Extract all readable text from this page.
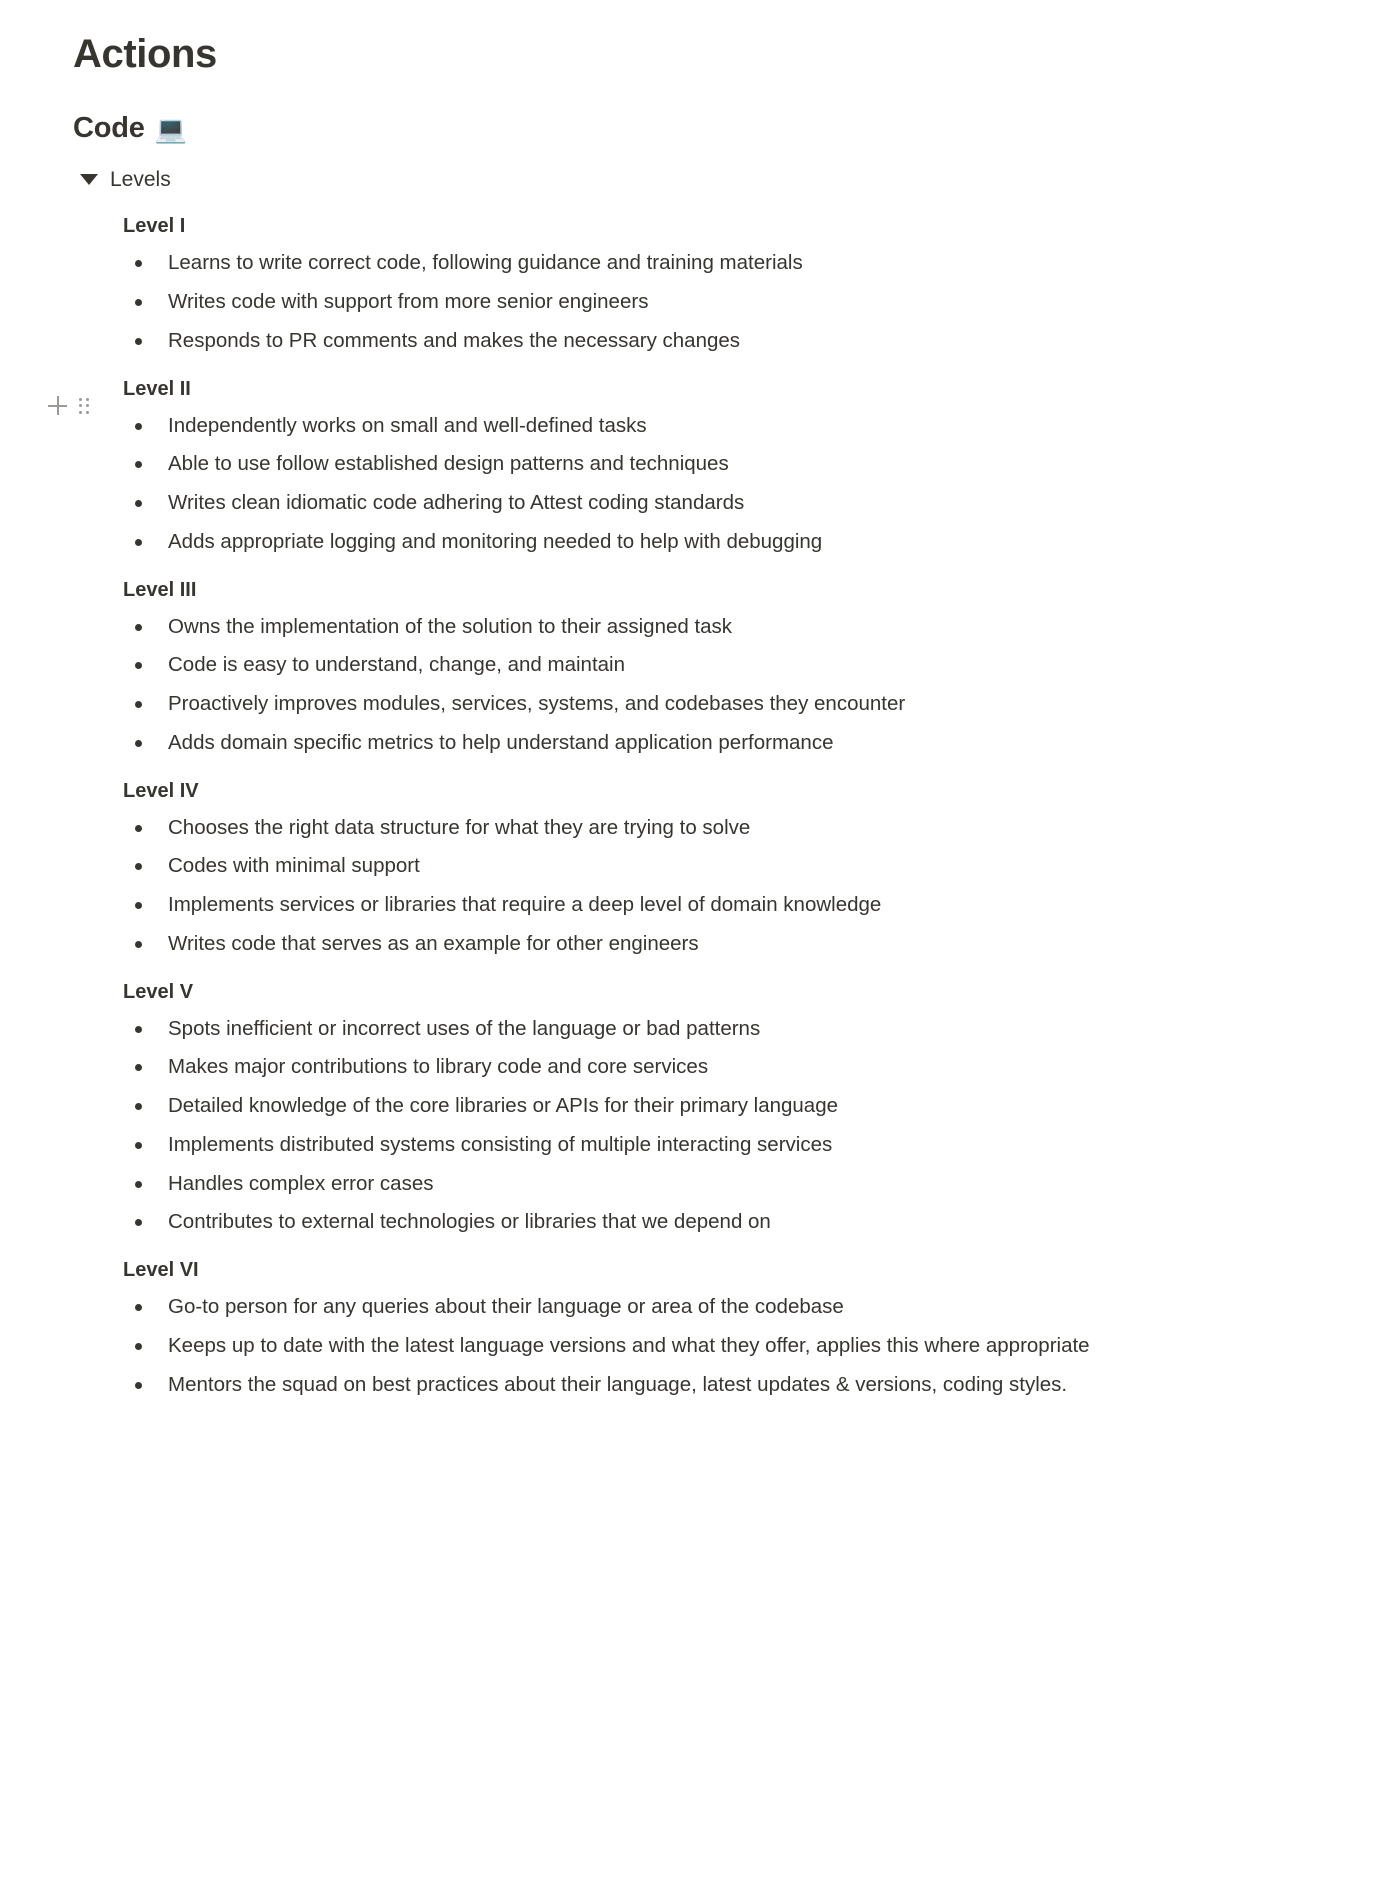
Actions
Code 💻
Levels
Level I
Learns to write correct code, following guidance and training materials
Writes code with support from more senior engineers
Responds to PR comments and makes the necessary changes
Level II
Independently works on small and well-defined tasks
Able to use follow established design patterns and techniques
Writes clean idiomatic code adhering to Attest coding standards
Adds appropriate logging and monitoring needed to help with debugging
Level III
Owns the implementation of the solution to their assigned task
Code is easy to understand, change, and maintain
Proactively improves modules, services, systems, and codebases they encounter
Adds domain specific metrics to help understand application performance
Level IV
Chooses the right data structure for what they are trying to solve
Codes with minimal support
Implements services or libraries that require a deep level of domain knowledge
Writes code that serves as an example for other engineers
Level V
Spots inefficient or incorrect uses of the language or bad patterns
Makes major contributions to library code and core services
Detailed knowledge of the core libraries or APIs for their primary language
Implements distributed systems consisting of multiple interacting services
Handles complex error cases
Contributes to external technologies or libraries that we depend on
Level VI
Go-to person for any queries about their language or area of the codebase
Keeps up to date with the latest language versions and what they offer, applies this where appropriate
Mentors the squad on best practices about their language, latest updates & versions, coding styles.
